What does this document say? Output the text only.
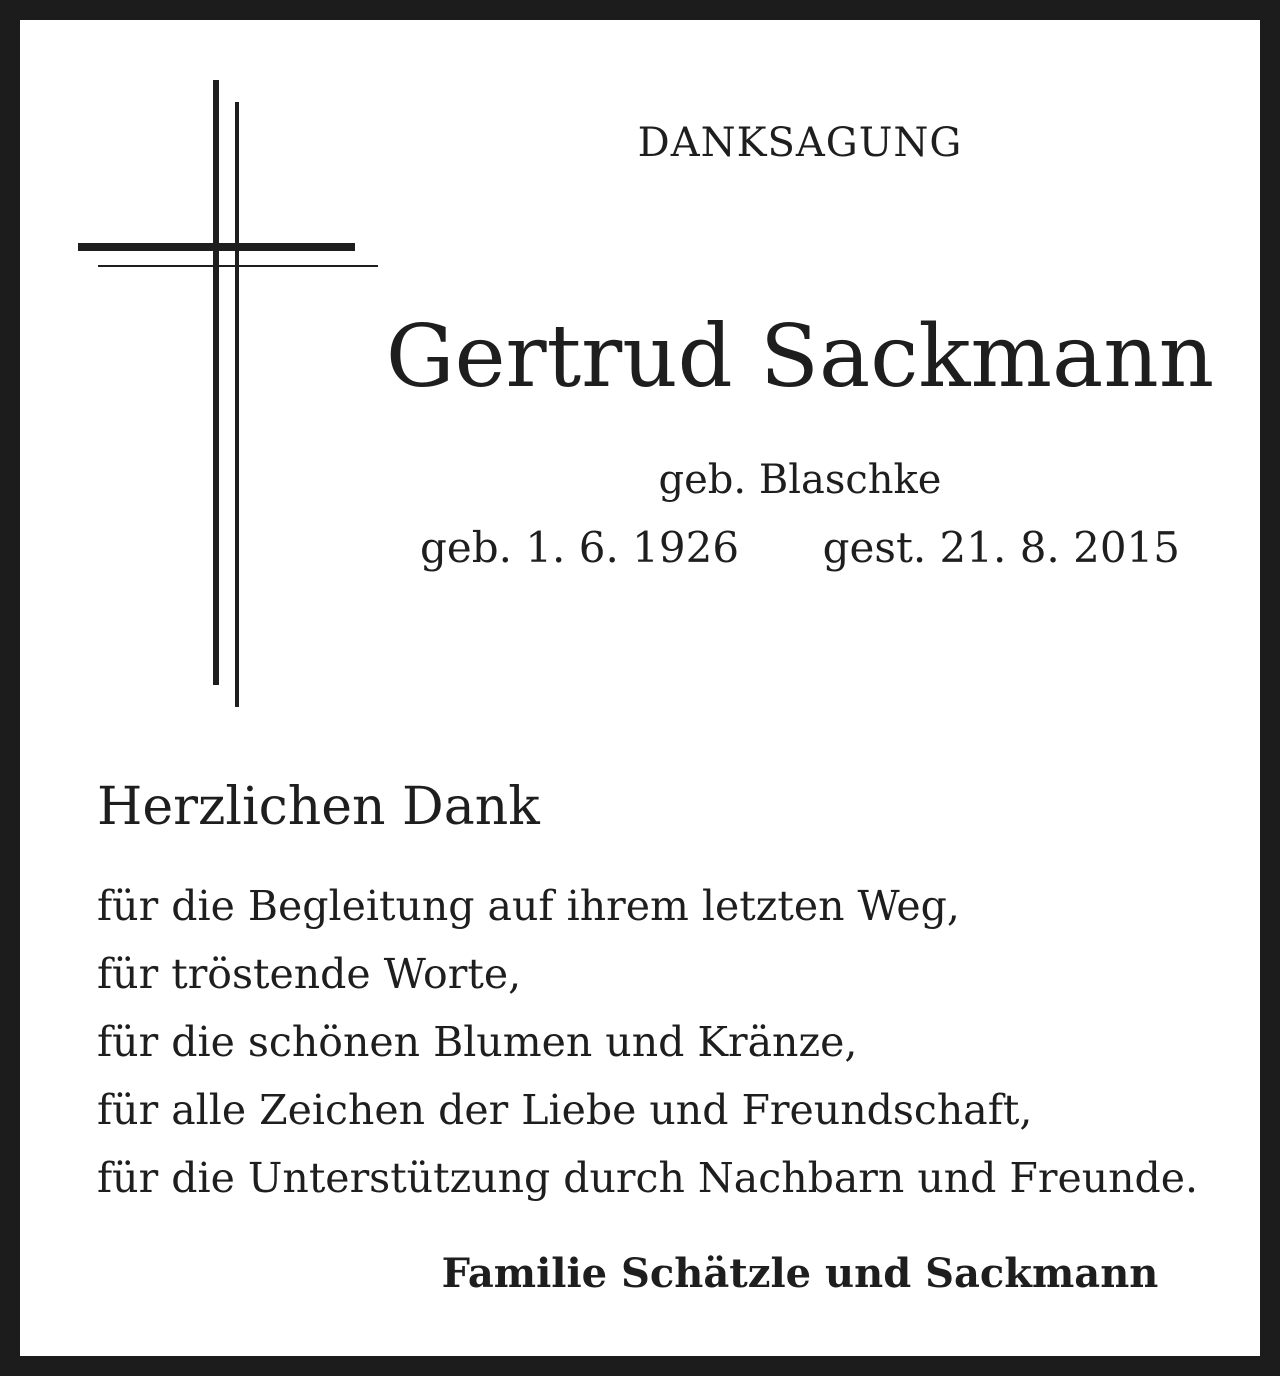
DANKSAGUNG
Gertrud Sackmann
geb. Blaschke
geb. 1. 6. 1926 gest. 21. 8. 2015
Herzlichen Dank
für die Begleitung auf ihrem letzten Weg,
für tröstende Worte,
für die schönen Blumen und Kränze,
für alle Zeichen der Liebe und Freundschaft,
für die Unterstützung durch Nachbarn und Freunde.
Familie Schätzle und Sackmann
